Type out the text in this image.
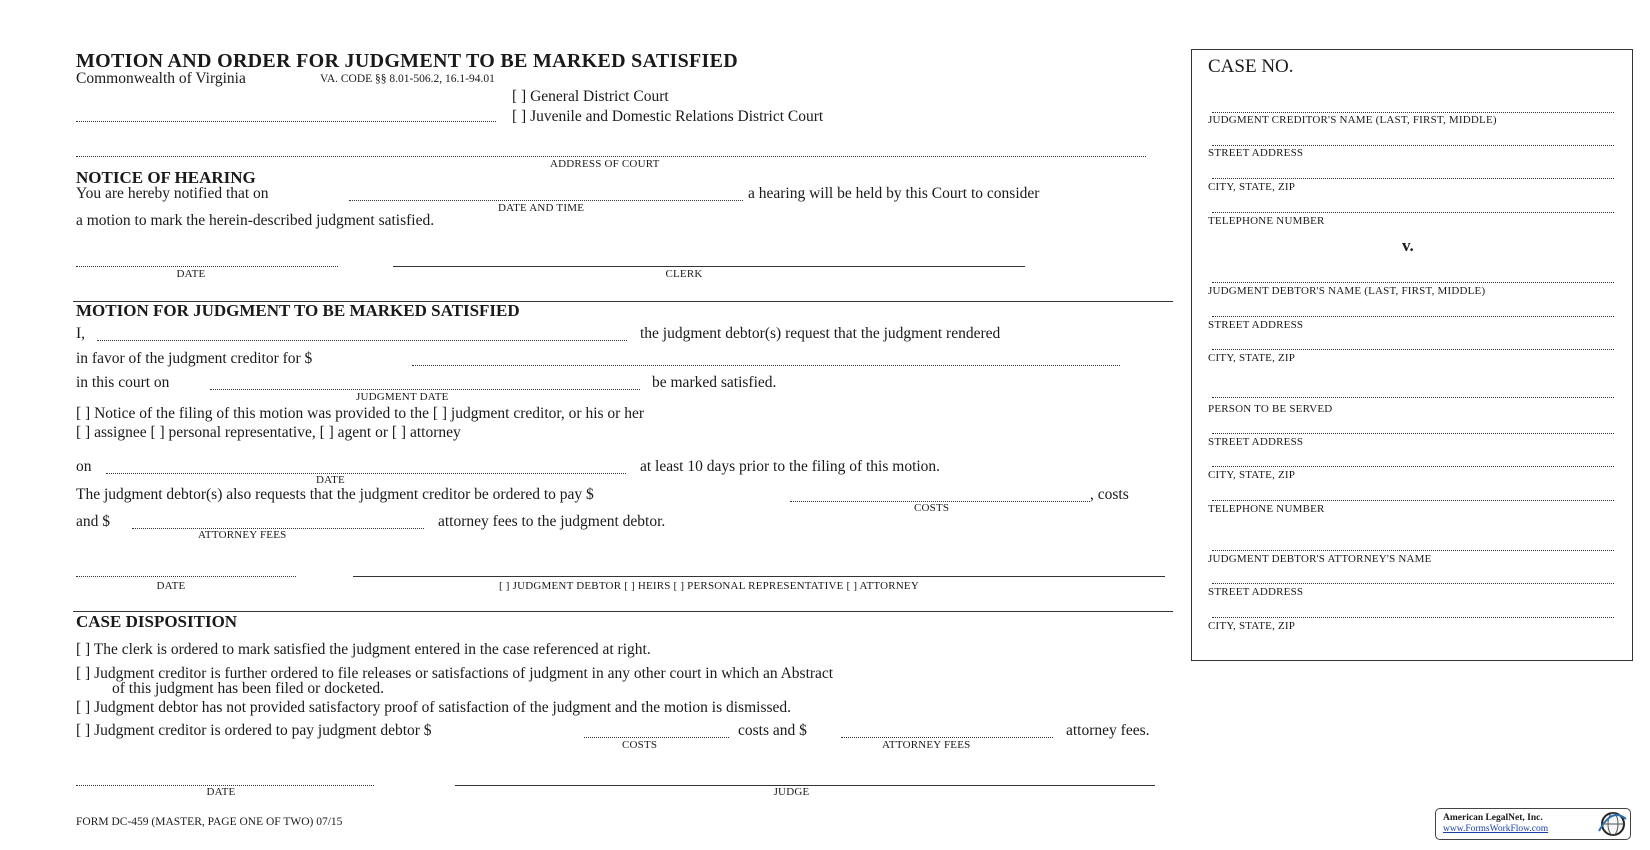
MOTION AND ORDER FOR JUDGMENT TO BE MARKED SATISFIED
Commonwealth of Virginia	VA. CODE §§ 8.01-506.2, 16.1-94.01
[ ] General District Court
[ ] Juvenile and Domestic Relations District Court
ADDRESS OF COURT
NOTICE OF HEARING
You are hereby notified that on	a hearing will be held by this Court to consider
DATE AND TIME
a motion to mark the herein-described judgment satisfied.
DATE	CLERK
MOTION FOR JUDGMENT TO BE MARKED SATISFIED
I,	the judgment debtor(s) request that the judgment rendered
in favor of the judgment creditor for $
in this court on	be marked satisfied.
JUDGMENT DATE
[ ] Notice of the filing of this motion was provided to the [ ] judgment creditor, or his or her
[ ] assignee [ ] personal representative, [ ] agent or [ ] attorney
on	at least 10 days prior to the filing of this motion.
DATE
The judgment debtor(s) also requests that the judgment creditor be ordered to pay $	, costs
COSTS
and $	attorney fees to the judgment debtor.
ATTORNEY FEES
DATE	[ ] JUDGMENT DEBTOR [ ] HEIRS [ ] PERSONAL REPRESENTATIVE [ ] ATTORNEY
CASE DISPOSITION
[ ] The clerk is ordered to mark satisfied the judgment entered in the case referenced at right.
[ ] Judgment creditor is further ordered to file releases or satisfactions of judgment in any other court in which an Abstract
of this judgment has been filed or docketed.
[ ] Judgment debtor has not provided satisfactory proof of satisfaction of the judgment and the motion is dismissed.
[ ] Judgment creditor is ordered to pay judgment debtor $	costs and $	attorney fees.
COSTS	ATTORNEY FEES
DATE	JUDGE
FORM DC-459 (MASTER, PAGE ONE OF TWO) 07/15	American LegalNet, Inc.
www.FormsWorkFlow.com
CASE NO.
JUDGMENT CREDITOR'S NAME (LAST, FIRST, MIDDLE)
STREET ADDRESS
CITY, STATE, ZIP
TELEPHONE NUMBER
v.
JUDGMENT DEBTOR'S NAME (LAST, FIRST, MIDDLE)
STREET ADDRESS
CITY, STATE, ZIP
PERSON TO BE SERVED
STREET ADDRESS
CITY, STATE, ZIP
TELEPHONE NUMBER
JUDGMENT DEBTOR'S ATTORNEY'S NAME
STREET ADDRESS
CITY, STATE, ZIP
